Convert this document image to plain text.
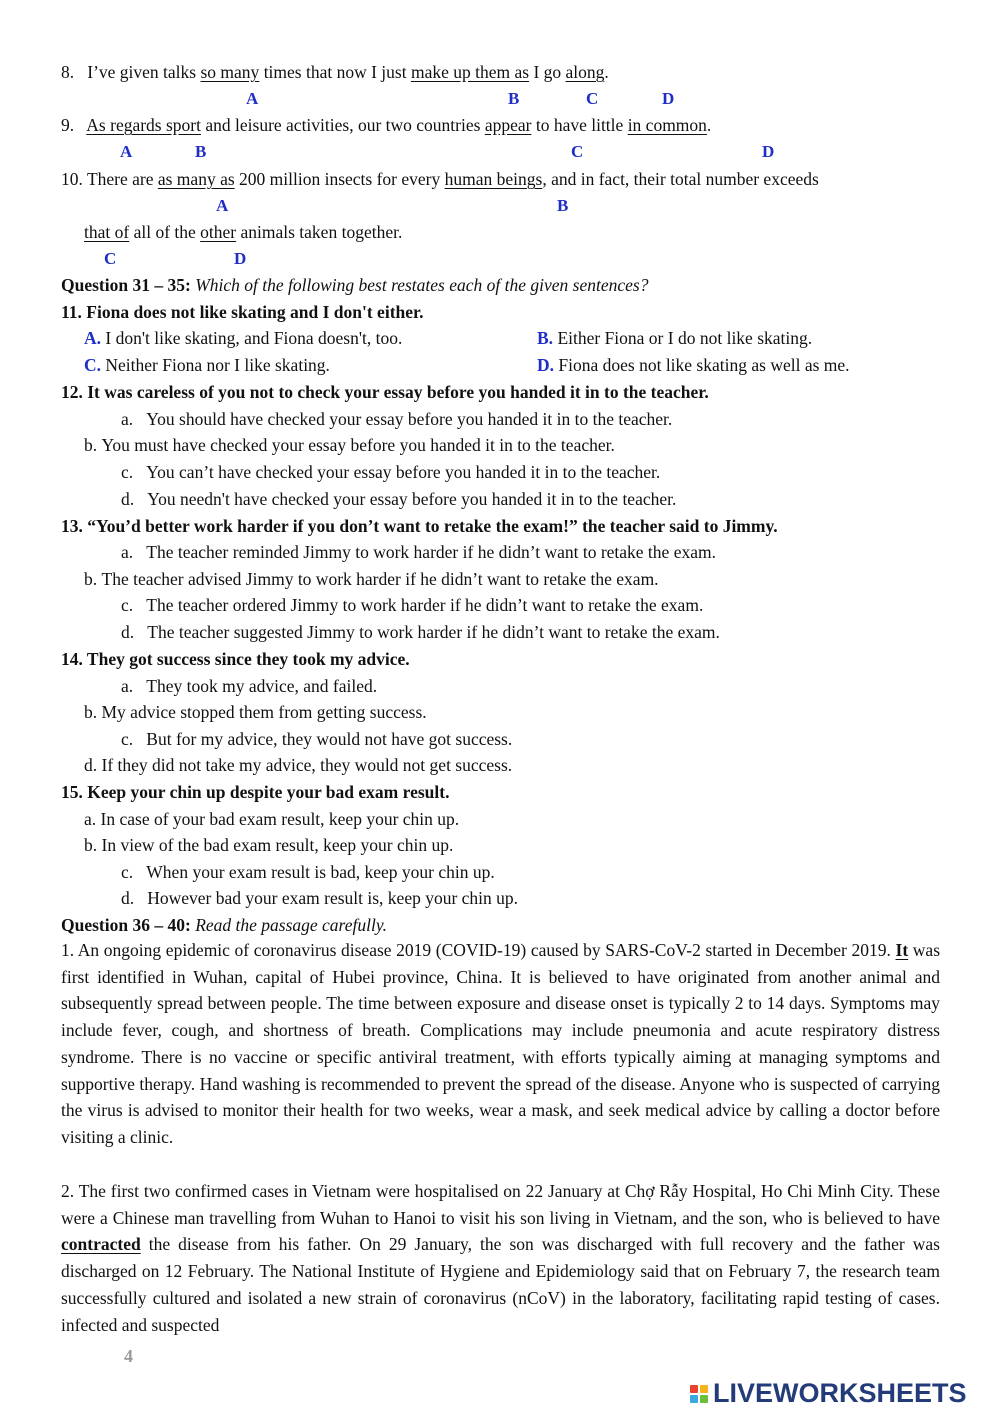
8. I’ve given talks so many times that now I just make up them as I go along.
A	B	C	D
9. As regards sport and leisure activities, our two countries appear to have little in common.
A	B	C	D
10. There are as many as 200 million insects for every human beings, and in fact, their total number exceeds
A	B
that of all of the other animals taken together.
C	D
Question 31 – 35: Which of the following best restates each of the given sentences?
11. Fiona does not like skating and I don't either.
A. I don't like skating, and Fiona doesn't, too.	B. Either Fiona or I do not like skating.
C. Neither Fiona nor I like skating.	D. Fiona does not like skating as well as me.
12. It was careless of you not to check your essay before you handed it in to the teacher.
a. You should have checked your essay before you handed it in to the teacher.
b. You must have checked your essay before you handed it in to the teacher.
c. You can’t have checked your essay before you handed it in to the teacher.
d. You needn't have checked your essay before you handed it in to the teacher.
13. “You’d better work harder if you don’t want to retake the exam!” the teacher said to Jimmy.
a. The teacher reminded Jimmy to work harder if he didn’t want to retake the exam.
b. The teacher advised Jimmy to work harder if he didn’t want to retake the exam.
c. The teacher ordered Jimmy to work harder if he didn’t want to retake the exam.
d. The teacher suggested Jimmy to work harder if he didn’t want to retake the exam.
14. They got success since they took my advice.
a. They took my advice, and failed.
b. My advice stopped them from getting success.
c. But for my advice, they would not have got success.
d. If they did not take my advice, they would not get success.
15. Keep your chin up despite your bad exam result.
a. In case of your bad exam result, keep your chin up.
b. In view of the bad exam result, keep your chin up.
c. When your exam result is bad, keep your chin up.
d. However bad your exam result is, keep your chin up.
Question 36 – 40: Read the passage carefully.
1. An ongoing epidemic of coronavirus disease 2019 (COVID-19) caused by SARS-CoV-2 started in December 2019. It was first identified in Wuhan, capital of Hubei province, China. It is believed to have originated from another animal and subsequently spread between people. The time between exposure and disease onset is typically 2 to 14 days. Symptoms may include fever, cough, and shortness of breath. Complications may include pneumonia and acute respiratory distress syndrome. There is no vaccine or specific antiviral treatment, with efforts typically aiming at managing symptoms and supportive therapy. Hand washing is recommended to prevent the spread of the disease. Anyone who is suspected of carrying the virus is advised to monitor their health for two weeks, wear a mask, and seek medical advice by calling a doctor before visiting a clinic.
2. The first two confirmed cases in Vietnam were hospitalised on 22 January at Chợ Rẫy Hospital, Ho Chi Minh City. These were a Chinese man travelling from Wuhan to Hanoi to visit his son living in Vietnam, and the son, who is believed to have contracted the disease from his father. On 29 January, the son was discharged with full recovery and the father was discharged on 12 February. The National Institute of Hygiene and Epidemiology said that on February 7, the research team successfully cultured and isolated a new strain of coronavirus (nCoV) in the laboratory, facilitating rapid testing of cases. infected and suspected
4
LIVEWORKSHEETS
